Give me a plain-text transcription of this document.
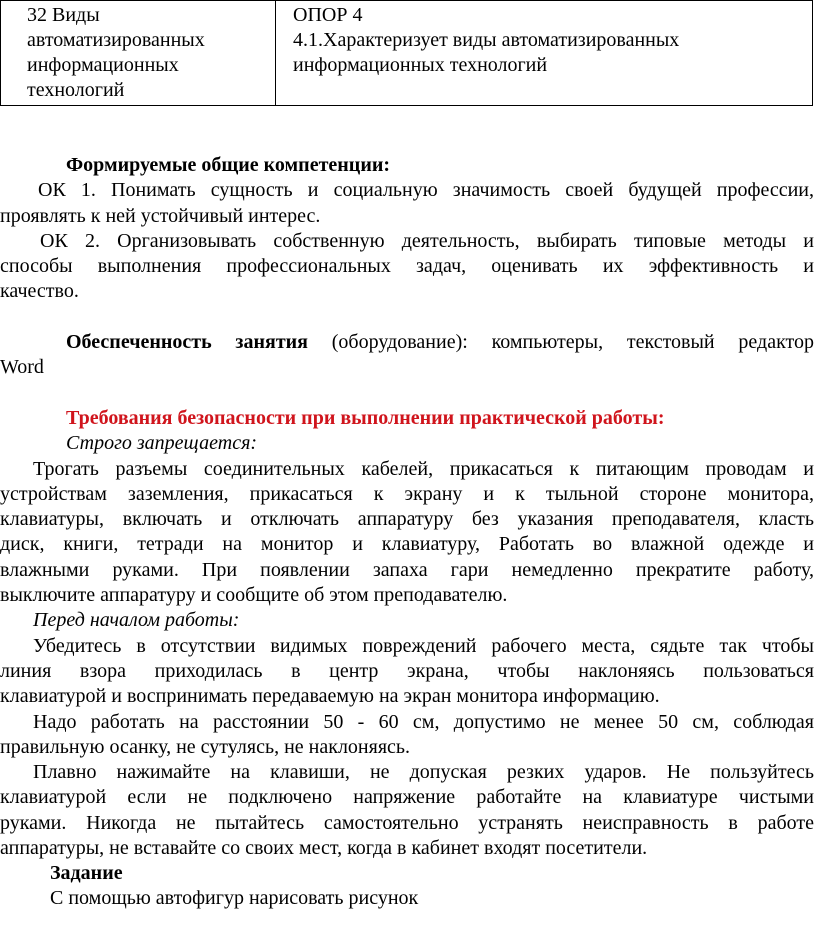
32 Виды
автоматизированных
информационных
технологий

ОПОР 4
4.1.Характеризует виды автоматизированных
информационных технологий
Формируемые общие компетенции:
ОК 1. Понимать сущность и социальную значимость своей будущей профессии,
проявлять к ней устойчивый интерес.
ОК 2. Организовывать собственную деятельность, выбирать типовые методы и
способы выполнения профессиональных задач, оценивать их эффективность и
качество.
Обеспеченность занятия (оборудование): компьютеры, текстовый редактор
Word
Требования безопасности при выполнении практической работы:
Строго запрещается:
Трогать разъемы соединительных кабелей, прикасаться к питающим проводам и
устройствам заземления, прикасаться к экрану и к тыльной стороне монитора,
клавиатуры, включать и отключать аппаратуру без указания преподавателя, класть
диск, книги, тетради на монитор и клавиатуру, Работать во влажной одежде и
влажными руками. При появлении запаха гари немедленно прекратите работу,
выключите аппаратуру и сообщите об этом преподавателю.
Перед началом работы:
Убедитесь в отсутствии видимых повреждений рабочего места, сядьте так чтобы
линия взора приходилась в центр экрана, чтобы наклоняясь пользоваться
клавиатурой и воспринимать передаваемую на экран монитора информацию.
Надо работать на расстоянии 50 - 60 см, допустимо не менее 50 см, соблюдая
правильную осанку, не сутулясь, не наклоняясь.
Плавно нажимайте на клавиши, не допуская резких ударов. Не пользуйтесь
клавиатурой если не подключено напряжение работайте на клавиатуре чистыми
руками. Никогда не пытайтесь самостоятельно устранять неисправность в работе
аппаратуры, не вставайте со своих мест, когда в кабинет входят посетители.
Задание
С помощью автофигур нарисовать рисунок
